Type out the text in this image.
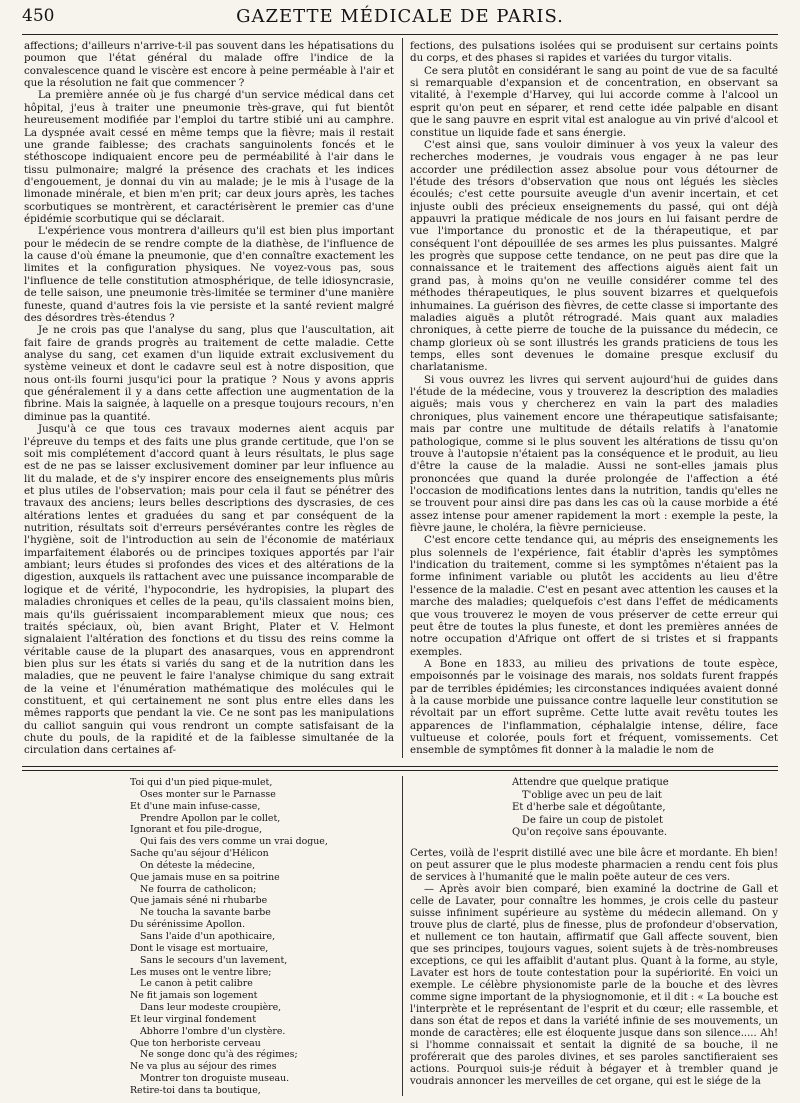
450	GAZETTE MÉDICALE DE PARIS.

affections; d'ailleurs n'arrive-t-il pas souvent dans les hépatisations du poumon que l'état général du malade offre l'indice de la convalescence quand le viscère est encore à peine perméable à l'air et que la résolution ne fait que commencer ?

La première année où je fus chargé d'un service médical dans cet hôpital, j'eus à traiter une pneumonie très-grave, qui fut bientôt heureusement modifiée par l'emploi du tartre stibié uni au camphre. La dyspnée avait cessé en même temps que la fièvre; mais il restait une grande faiblesse; des crachats sanguinolents foncés et le stéthoscope indiquaient encore peu de perméabilité à l'air dans le tissu pulmonaire; malgré la présence des crachats et les indices d'engouement, je donnai du vin au malade; je le mis à l'usage de la limonade minérale, et bien m'en prit; car deux jours après, les taches scorbutiques se montrèrent, et caractérisèrent le premier cas d'une épidémie scorbutique qui se déclarait.

L'expérience vous montrera d'ailleurs qu'il est bien plus important pour le médecin de se rendre compte de la diathèse, de l'influence de la cause d'où émane la pneumonie, que d'en connaître exactement les limites et la configuration physiques. Ne voyez-vous pas, sous l'influence de telle constitution atmosphérique, de telle idiosyncrasie, de telle saison, une pneumonie très-limitée se terminer d'une manière funeste, quand d'autres fois la vie persiste et la santé revient malgré des désordres très-étendus ?

Je ne crois pas que l'analyse du sang, plus que l'auscultation, ait fait faire de grands progrès au traitement de cette maladie. Cette analyse du sang, cet examen d'un liquide extrait exclusivement du système veineux et dont le cadavre seul est à notre disposition, que nous ont-ils fourni jusqu'ici pour la pratique ? Nous y avons appris que généralement il y a dans cette affection une augmentation de la fibrine. Mais la saignée, à laquelle on a presque toujours recours, n'en diminue pas la quantité.

Jusqu'à ce que tous ces travaux modernes aient acquis par l'épreuve du temps et des faits une plus grande certitude, que l'on se soit mis complétement d'accord quant à leurs résultats, le plus sage est de ne pas se laisser exclusivement dominer par leur influence au lit du malade, et de s'y inspirer encore des enseignements plus mûris et plus utiles de l'observation; mais pour cela il faut se pénétrer des travaux des anciens; leurs belles descriptions des dyscrasies, de ces altérations lentes et graduées du sang et par conséquent de la nutrition, résultats soit d'erreurs persévérantes contre les règles de l'hygiène, soit de l'introduction au sein de l'économie de matériaux imparfaitement élaborés ou de principes toxiques apportés par l'air ambiant; leurs études si profondes des vices et des altérations de la digestion, auxquels ils rattachent avec une puissance incomparable de logique et de vérité, l'hypocondrie, les hydropisies, la plupart des maladies chroniques et celles de la peau, qu'ils classaient moins bien, mais qu'ils guérissaient incomparablement mieux que nous; ces traités spéciaux, où, bien avant Bright, Plater et V. Helmont signalaient l'altération des fonctions et du tissu des reins comme la véritable cause de la plupart des anasarques, vous en apprendront bien plus sur les états si variés du sang et de la nutrition dans les maladies, que ne peuvent le faire l'analyse chimique du sang extrait de la veine et l'énumération mathématique des molécules qui le constituent, et qui certainement ne sont plus entre elles dans les mêmes rapports que pendant la vie. Ce ne sont pas les manipulations du calliot sanguin qui vous rendront un compte satisfaisant de la chute du pouls, de la rapidité et de la faiblesse simultanée de la circulation dans certaines af-

fections, des pulsations isolées qui se produisent sur certains points du corps, et des phases si rapides et variées du turgor vitalis.

Ce sera plutôt en considérant le sang au point de vue de sa faculté si remarquable d'expansion et de concentration, en observant sa vitalité, à l'exemple d'Harvey, qui lui accorde comme à l'alcool un esprit qu'on peut en séparer, et rend cette idée palpable en disant que le sang pauvre en esprit vital est analogue au vin privé d'alcool et constitue un liquide fade et sans énergie.

C'est ainsi que, sans vouloir diminuer à vos yeux la valeur des recherches modernes, je voudrais vous engager à ne pas leur accorder une prédilection assez absolue pour vous détourner de l'étude des trésors d'observation que nous ont légués les siècles écoulés; c'est cette poursuite aveugle d'un avenir incertain, et cet injuste oubli des précieux enseignements du passé, qui ont déjà appauvri la pratique médicale de nos jours en lui faisant perdre de vue l'importance du pronostic et de la thérapeutique, et par conséquent l'ont dépouillée de ses armes les plus puissantes. Malgré les progrès que suppose cette tendance, on ne peut pas dire que la connaissance et le traitement des affections aiguës aient fait un grand pas, à moins qu'on ne veuille considérer comme tel des méthodes thérapeutiques, le plus souvent bizarres et quelquefois inhumaines. La guérison des fièvres, de cette classe si importante des maladies aiguës a plutôt rétrogradé. Mais quant aux maladies chroniques, à cette pierre de touche de la puissance du médecin, ce champ glorieux où se sont illustrés les grands praticiens de tous les temps, elles sont devenues le domaine presque exclusif du charlatanisme.

Si vous ouvrez les livres qui servent aujourd'hui de guides dans l'étude de la médecine, vous y trouverez la description des maladies aiguës; mais vous y chercherez en vain la part des maladies chroniques, plus vainement encore une thérapeutique satisfaisante; mais par contre une multitude de détails relatifs à l'anatomie pathologique, comme si le plus souvent les altérations de tissu qu'on trouve à l'autopsie n'étaient pas la conséquence et le produit, au lieu d'être la cause de la maladie. Aussi ne sont-elles jamais plus prononcées que quand la durée prolongée de l'affection a été l'occasion de modifications lentes dans la nutrition, tandis qu'elles ne se trouvent pour ainsi dire pas dans les cas où la cause morbide a été assez intense pour amener rapidement la mort : exemple la peste, la fièvre jaune, le choléra, la fièvre pernicieuse.

C'est encore cette tendance qui, au mépris des enseignements les plus solennels de l'expérience, fait établir d'après les symptômes l'indication du traitement, comme si les symptômes n'étaient pas la forme infiniment variable ou plutôt les accidents au lieu d'être l'essence de la maladie. C'est en pesant avec attention les causes et la marche des maladies; quelquefois c'est dans l'effet de médicaments que vous trouverez le moyen de vous préserver de cette erreur qui peut être de toutes la plus funeste, et dont les premières années de notre occupation d'Afrique ont offert de si tristes et si frappants exemples.

A Bone en 1833, au milieu des privations de toute espèce, empoisonnés par le voisinage des marais, nos soldats furent frappés par de terribles épidémies; les circonstances indiquées avaient donné à la cause morbide une puissance contre laquelle leur constitution se révoltait par un effort suprême. Cette lutte avait revêtu toutes les apparences de l'inflammation, céphalalgie intense, délire, face vultueuse et colorée, pouls fort et fréquent, vomissements. Cet ensemble de symptômes fit donner à la maladie le nom de

Toi qui d'un pied pique-mulet,
Oses monter sur le Parnasse
Et d'une main infuse-casse,
Prendre Apollon par le collet,
Ignorant et fou pile-drogue,
Qui fais des vers comme un vrai dogue,
Sache qu'au séjour d'Hélicon
On déteste la médecine,
Que jamais muse en sa poitrine
Ne fourra de catholicon;
Que jamais séné ni rhubarbe
Ne toucha la savante barbe
Du sérénissime Apollon.
Sans l'aide d'un apothicaire,
Dont le visage est mortuaire,
Sans le secours d'un lavement,
Les muses ont le ventre libre;
Le canon à petit calibre
Ne fit jamais son logement
Dans leur modeste croupière,
Et leur virginal fondement
Abhorre l'ombre d'un clystère.
Que ton herboriste cerveau
Ne songe donc qu'à des régimes;
Ne va plus au séjour des rimes
Montrer ton droguiste museau.
Retire-toi dans ta boutique,
Attendre que quelque pratique
T'oblige avec un peu de lait
Et d'herbe sale et dégoûtante,
De faire un coup de pistolet
Qu'on reçoive sans épouvante.

Certes, voilà de l'esprit distillé avec une bile âcre et mordante. Eh bien! on peut assurer que le plus modeste pharmacien a rendu cent fois plus de services à l'humanité que le malin poëte auteur de ces vers.

— Après avoir bien comparé, bien examiné la doctrine de Gall et celle de Lavater, pour connaître les hommes, je crois celle du pasteur suisse infiniment supérieure au système du médecin allemand. On y trouve plus de clarté, plus de finesse, plus de profondeur d'observation, et nullement ce ton hautain, affirmatif que Gall affecte souvent, bien que ses principes, toujours vagues, soient sujets à de très-nombreuses exceptions, ce qui les affaiblit d'autant plus. Quant à la forme, au style, Lavater est hors de toute contestation pour la supériorité. En voici un exemple. Le célèbre physionomiste parle de la bouche et des lèvres comme signe important de la physiognomonie, et il dit : « La bouche est l'interprète et le représentant de l'esprit et du cœur; elle rassemble, et dans son état de repos et dans la variété infinie de ses mouvements, un monde de caractères; elle est éloquente jusque dans son silence..... Ah! si l'homme connaissait et sentait la dignité de sa bouche, il ne proférerait que des paroles divines, et ses paroles sanctifieraient ses actions. Pourquoi suis-je réduit à bégayer et à trembler quand je voudrais annoncer les merveilles de cet organe, qui est le siége de la
